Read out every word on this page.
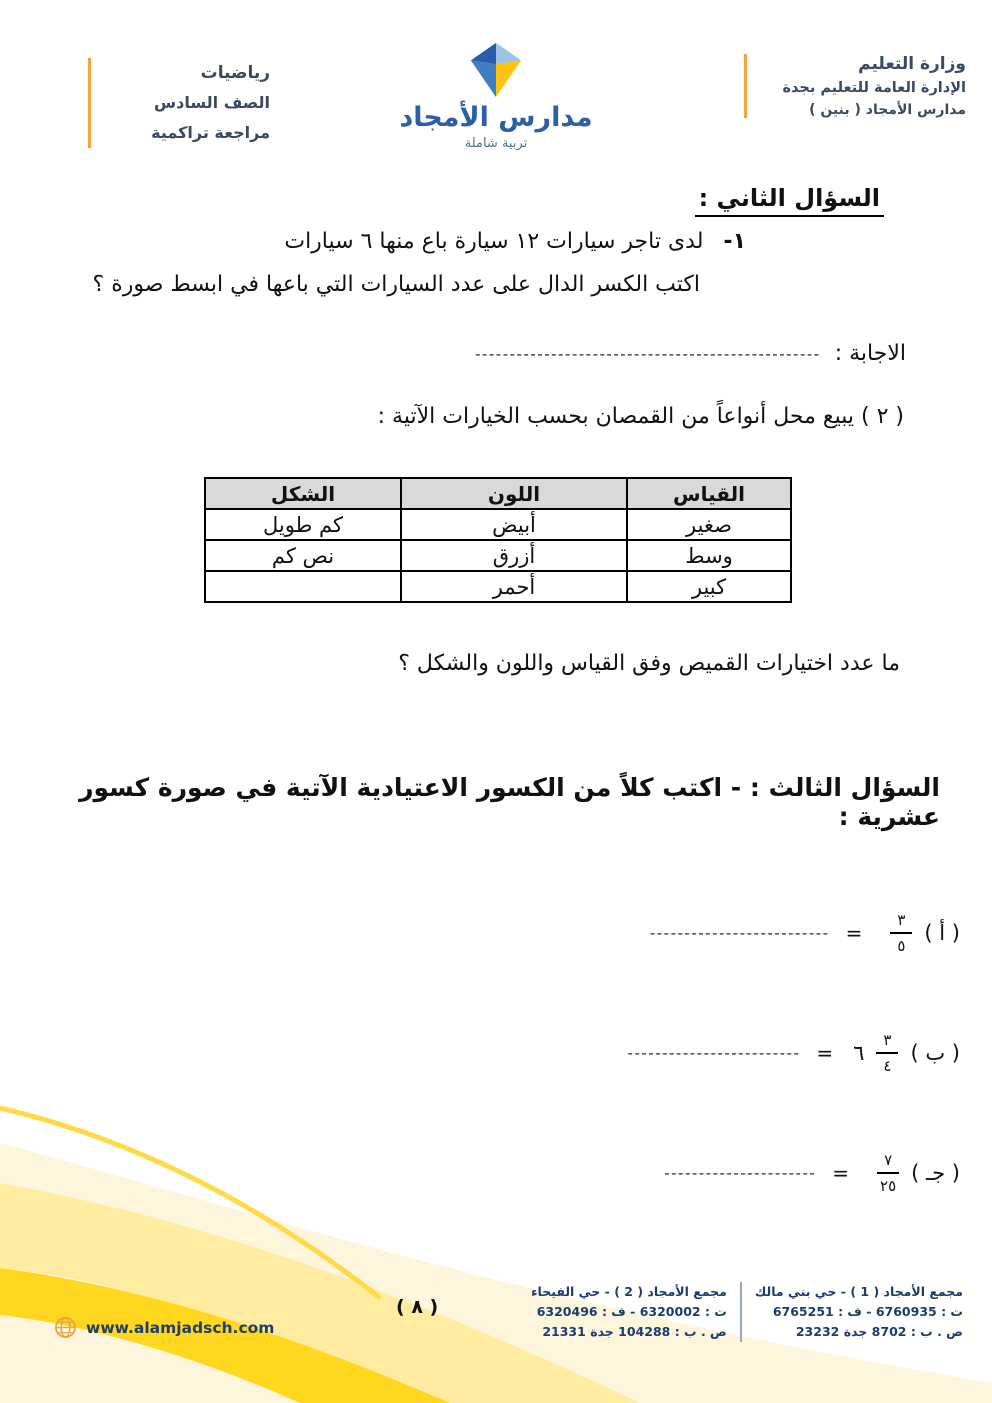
رياضيات
الصف السادس
مراجعة تراكمية	مدارس الأمجاد
تربية شاملة
وزارة التعليم
الإدارة العامة للتعليم بجدة
مدارس الأمجاد ( بنين )
السؤال الثاني :
١-
لدى تاجر سيارات ١٢ سيارة باع منها ٦ سيارات
اكتب الكسر الدال على عدد السيارات التي باعها في ابسط صورة ؟
الاجابة :
--------------------------------------------------
( ٢ ) يبيع محل أنواعاً من القمصان بحسب الخيارات الآتية :
القياس	اللون	الشكل
صغير	أبيض	كم طويل
وسط	أزرق	نص كم
كبير	أحمر	
ما عدد اختيارات القميص وفق القياس واللون والشكل ؟
السؤال الثالث : - اكتب كلاً من الكسور الاعتيادية الآتية في صورة كسور عشرية :
( أ )
$\frac{٣}{٥}$
=
--------------------------
( ب )
$\frac{٣}{٤}$
٦
=
-------------------------
( جـ )
$\frac{٧}{٢٥}$
=
----------------------
مجمع الأمجاد ( 1 ) - حي بني مالك
ت : 6760935 - ف : 6765251
ص . ب : 8702 جدة 23232
مجمع الأمجاد ( 2 ) - حي الفيحاء
ت : 6320002 - ف : 6320496
ص . ب : 104288 جدة 21331
( ٨ )
www.alamjadsch.com
